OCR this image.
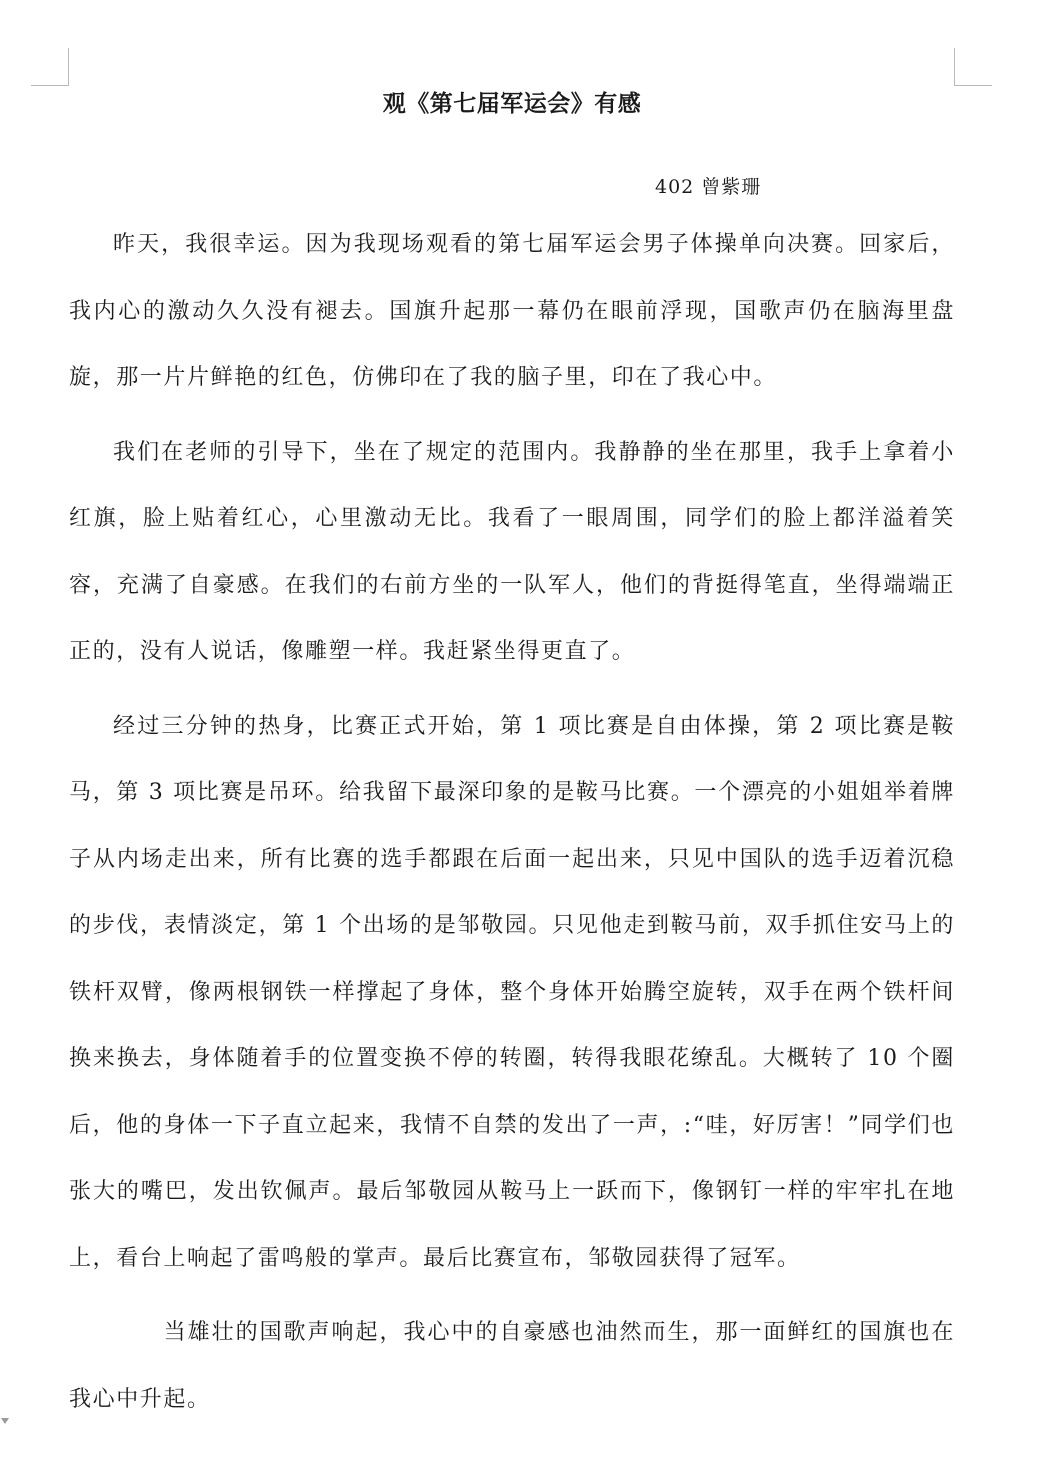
观《第七届军运会》有感
402 曾紫珊

昨天，我很幸运。因为我现场观看的第七届军运会男子体操单向决赛。回家后，我内心的激动久久没有褪去。国旗升起那一幕仍在眼前浮现，国歌声仍在脑海里盘旋，那一片片鲜艳的红色，仿佛印在了我的脑子里，印在了我心中。

我们在老师的引导下，坐在了规定的范围内。我静静的坐在那里，我手上拿着小红旗，脸上贴着红心，心里激动无比。我看了一眼周围，同学们的脸上都洋溢着笑容，充满了自豪感。在我们的右前方坐的一队军人，他们的背挺得笔直，坐得端端正正的，没有人说话，像雕塑一样。我赶紧坐得更直了。

经过三分钟的热身，比赛正式开始，第 1 项比赛是自由体操，第 2 项比赛是鞍马，第 3 项比赛是吊环。给我留下最深印象的是鞍马比赛。一个漂亮的小姐姐举着牌子从内场走出来，所有比赛的选手都跟在后面一起出来，只见中国队的选手迈着沉稳的步伐，表情淡定，第 1 个出场的是邹敬园。只见他走到鞍马前，双手抓住安马上的铁杆双臂，像两根钢铁一样撑起了身体，整个身体开始腾空旋转，双手在两个铁杆间换来换去，身体随着手的位置变换不停的转圈，转得我眼花缭乱。大概转了 10 个圈后，他的身体一下子直立起来，我情不自禁的发出了一声，:“哇，好厉害！”同学们也张大的嘴巴，发出钦佩声。最后邹敬园从鞍马上一跃而下，像钢钉一样的牢牢扎在地上，看台上响起了雷鸣般的掌声。最后比赛宣布，邹敬园获得了冠军。

当雄壮的国歌声响起，我心中的自豪感也油然而生，那一面鲜红的国旗也在我心中升起。
